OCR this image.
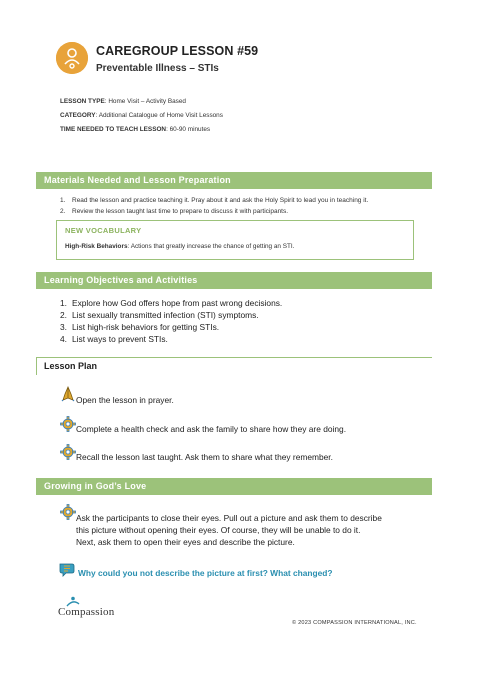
CAREGROUP LESSON #59
Preventable Illness – STIs
LESSON TYPE: Home Visit – Activity Based
CATEGORY: Additional Catalogue of Home Visit Lessons
TIME NEEDED TO TEACH LESSON: 60-90 minutes
Materials Needed and Lesson Preparation
1. Read the lesson and practice teaching it. Pray about it and ask the Holy Spirit to lead you in teaching it.
2. Review the lesson taught last time to prepare to discuss it with participants.
NEW VOCABULARY
High-Risk Behaviors: Actions that greatly increase the chance of getting an STI.
Learning Objectives and Activities
1. Explore how God offers hope from past wrong decisions.
2. List sexually transmitted infection (STI) symptoms.
3. List high-risk behaviors for getting STIs.
4. List ways to prevent STIs.
Lesson Plan
Open the lesson in prayer.
Complete a health check and ask the family to share how they are doing.
Recall the lesson last taught. Ask them to share what they remember.
Growing in God’s Love
Ask the participants to close their eyes. Pull out a picture and ask them to describe
this picture without opening their eyes. Of course, they will be unable to do it.
Next, ask them to open their eyes and describe the picture.
Why could you not describe the picture at first? What changed?
Compassion
© 2023 COMPASSION INTERNATIONAL, INC.
